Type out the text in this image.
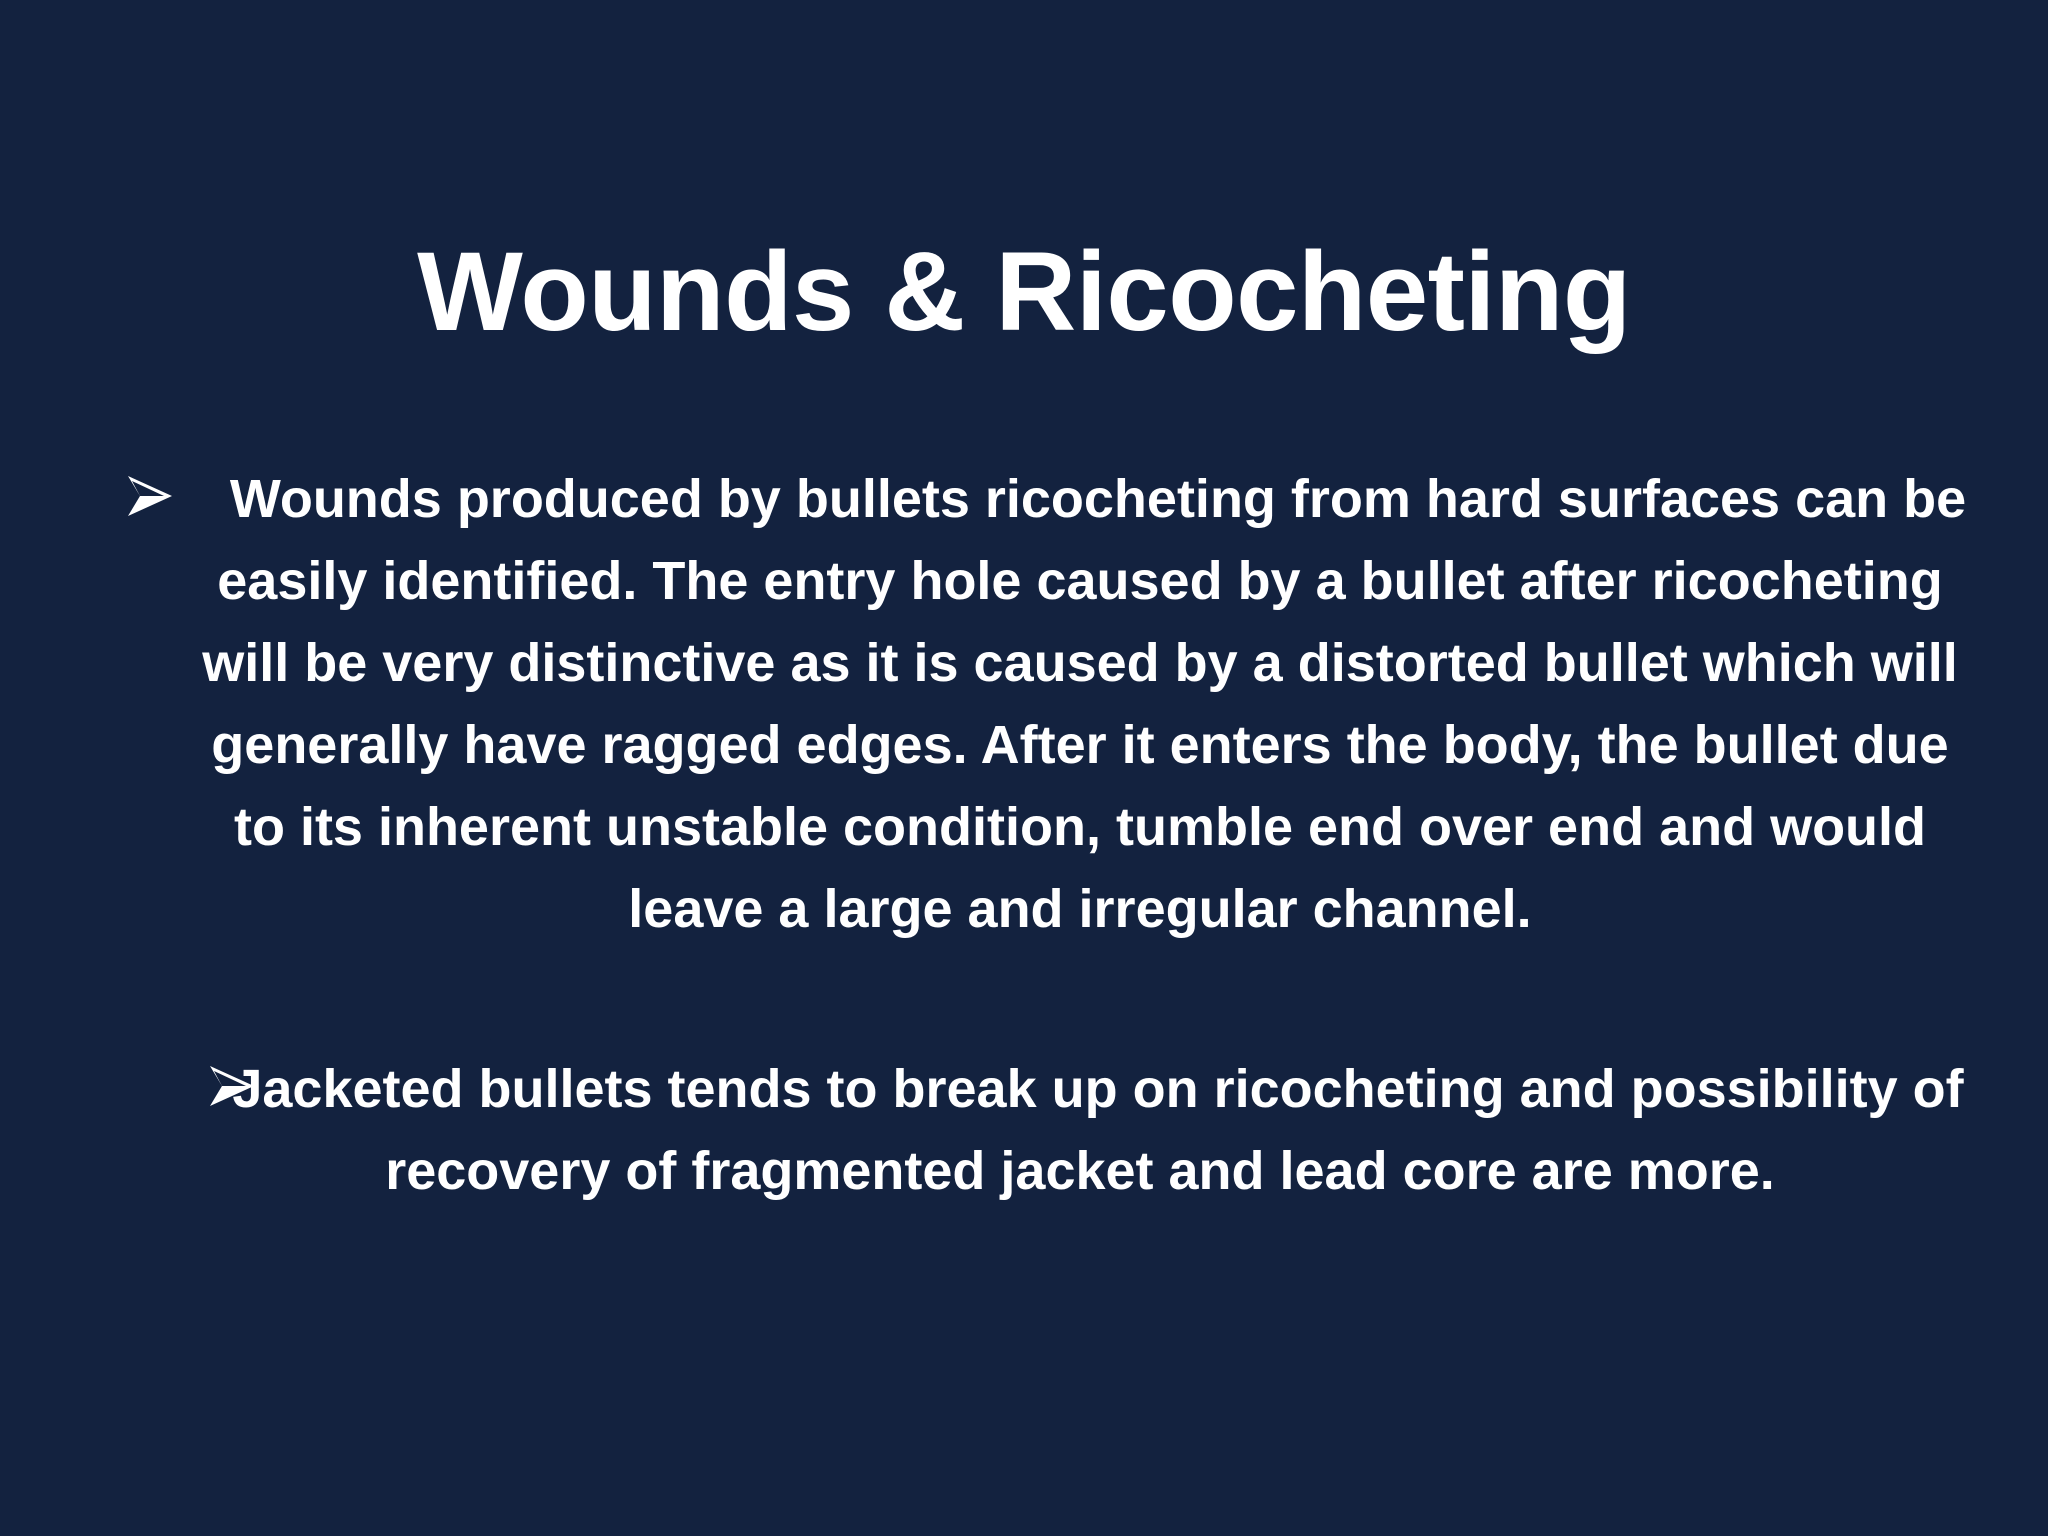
Wounds & Ricocheting

Wounds produced by bullets ricocheting from hard surfaces can be easily identified. The entry hole caused by a bullet after ricocheting will be very distinctive as it is caused by a distorted bullet which will generally have ragged edges. After it enters the body, the bullet due to its inherent unstable condition, tumble end over end and would leave a large and irregular channel.

Jacketed bullets tends to break up on ricocheting and possibility of recovery of fragmented jacket and lead core are more.
